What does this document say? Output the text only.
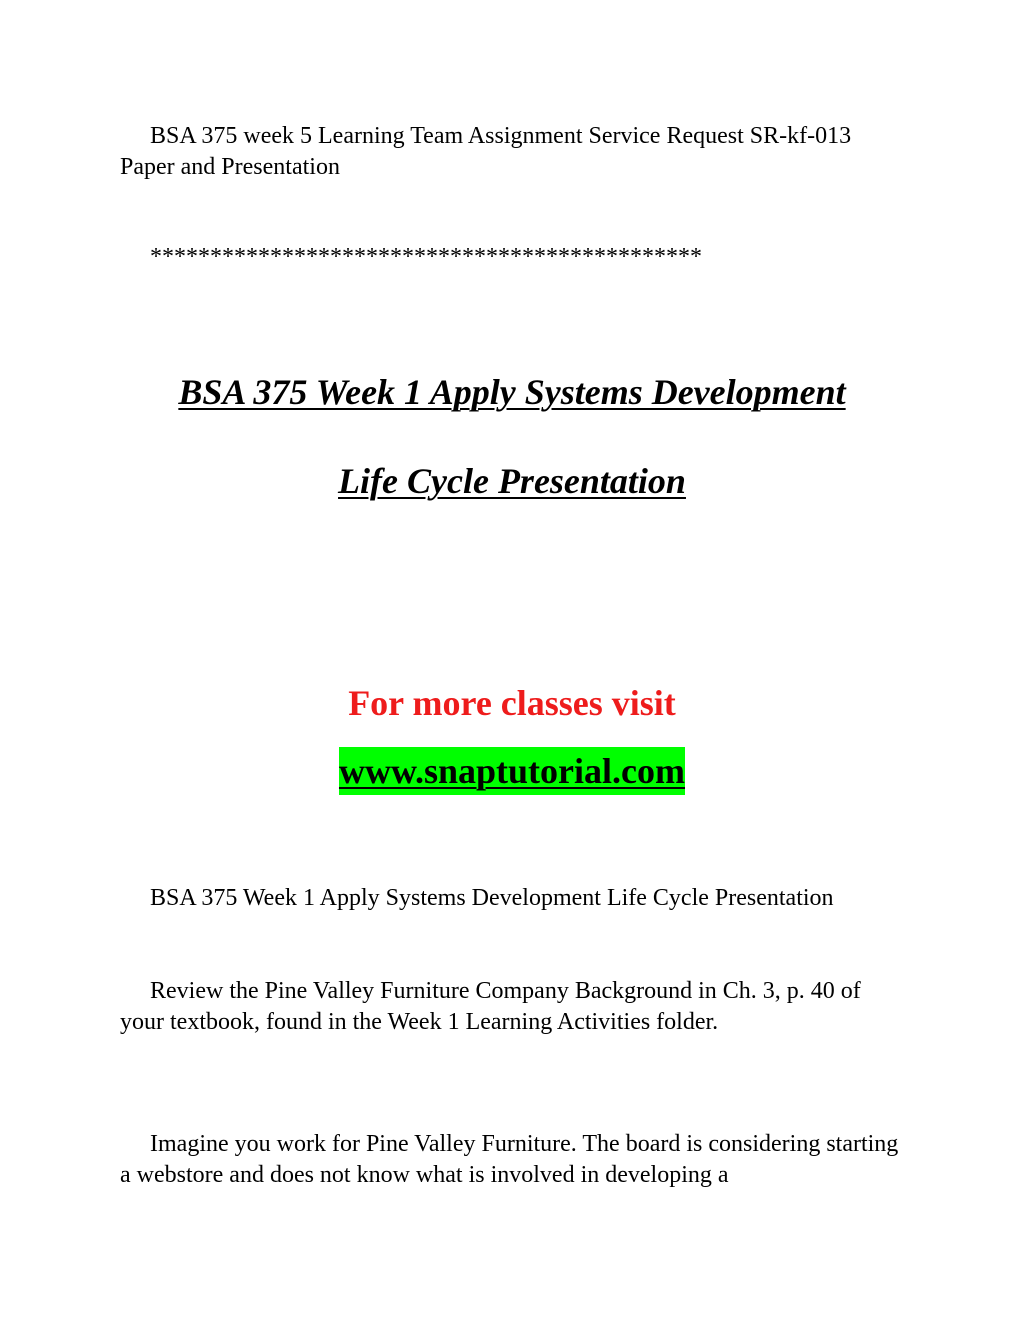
BSA 375 week 5 Learning Team Assignment Service Request SR-kf-013 Paper and Presentation

**********************************************
BSA 375 Week 1 Apply Systems Development
Life Cycle Presentation

For more classes visit

www.snaptutorial.com

BSA 375 Week 1 Apply Systems Development Life Cycle Presentation

Review the Pine Valley Furniture Company Background in Ch. 3, p. 40 of your textbook, found in the Week 1 Learning Activities folder.

Imagine you work for Pine Valley Furniture. The board is considering starting a webstore and does not know what is involved in developing a
